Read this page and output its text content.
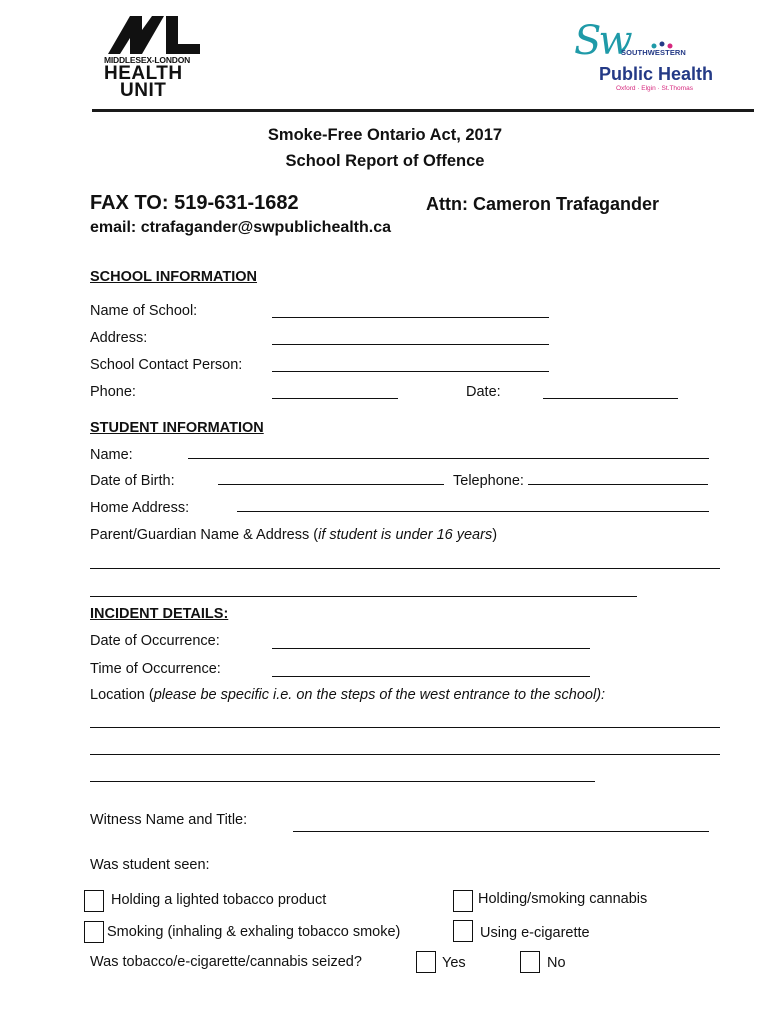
MIDDLESEX-LONDON
HEALTH
UNIT
Sw
SOUTHWESTERN
Public Health
Oxford · Elgin · St.Thomas
Smoke-Free Ontario Act, 2017
School Report of Offence
FAX TO: 519-631-1682	Attn: Cameron Trafagander
email: ctrafagander@swpublichealth.ca
SCHOOL INFORMATION
Name of School:
Address:
School Contact Person:
Phone:	Date:
STUDENT INFORMATION
Name:
Date of Birth:	Telephone:
Home Address:
Parent/Guardian Name & Address (if student is under 16 years)
INCIDENT DETAILS:
Date of Occurrence:
Time of Occurrence:
Location (please be specific i.e. on the steps of the west entrance to the school):
Witness Name and Title:
Was student seen:
Holding a lighted tobacco product	Holding/smoking cannabis
Smoking (inhaling & exhaling tobacco smoke)	Using e-cigarette
Was tobacco/e-cigarette/cannabis seized?	Yes	No
